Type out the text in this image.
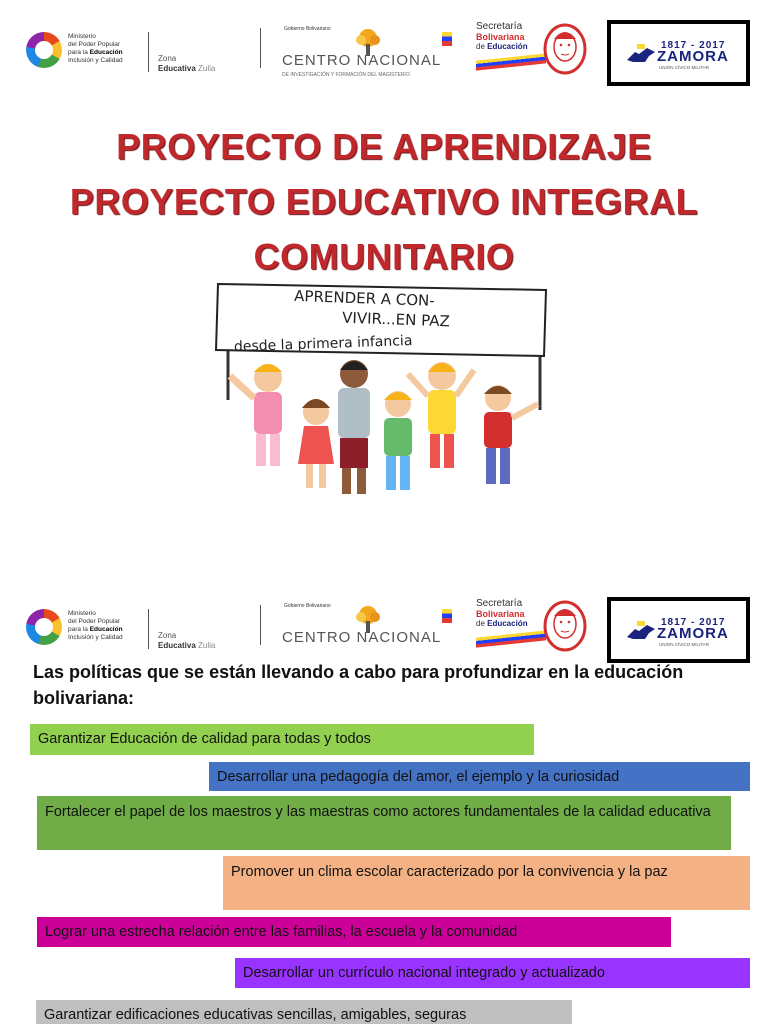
Ministerio
del Poder Popular
para la Educación
Inclusión y Calidad	Zona
Educativa Zulia
Gobierno Bolivariano
CENTRO NACIONAL
DE INVESTIGACIÓN Y FORMACIÓN DEL MAGISTERIO
Secretaría
Bolivariana
de Educación	1817 - 2017
ZAMORA
UNIÓN CÍVICO MILITAR
PROYECTO DE APRENDIZAJE
PROYECTO EDUCATIVO INTEGRAL
COMUNITARIO
APRENDER A CON-
VIVIR...EN PAZ
desde la primera infancia
Ministerio
del Poder Popular
para la Educación
Inclusión y Calidad	Zona
Educativa Zulia
Gobierno Bolivariano
CENTRO NACIONAL
Secretaría
Bolivariana
de Educación	1817 - 2017
ZAMORA
UNIÓN CÍVICO MILITAR
Las políticas que se están llevando a cabo para profundizar en la educación bolivariana:
Garantizar Educación de calidad para todas y todos
Desarrollar una pedagogía del amor, el ejemplo y la curiosidad
Fortalecer el papel de los maestros y las maestras como actores fundamentales de la calidad educativa
Promover un clima escolar caracterizado por la convivencia y la paz
Lograr una estrecha relación entre las familias, la escuela y la comunidad
Desarrollar un currículo nacional integrado y actualizado
Garantizar edificaciones educativas sencillas, amigables, seguras
